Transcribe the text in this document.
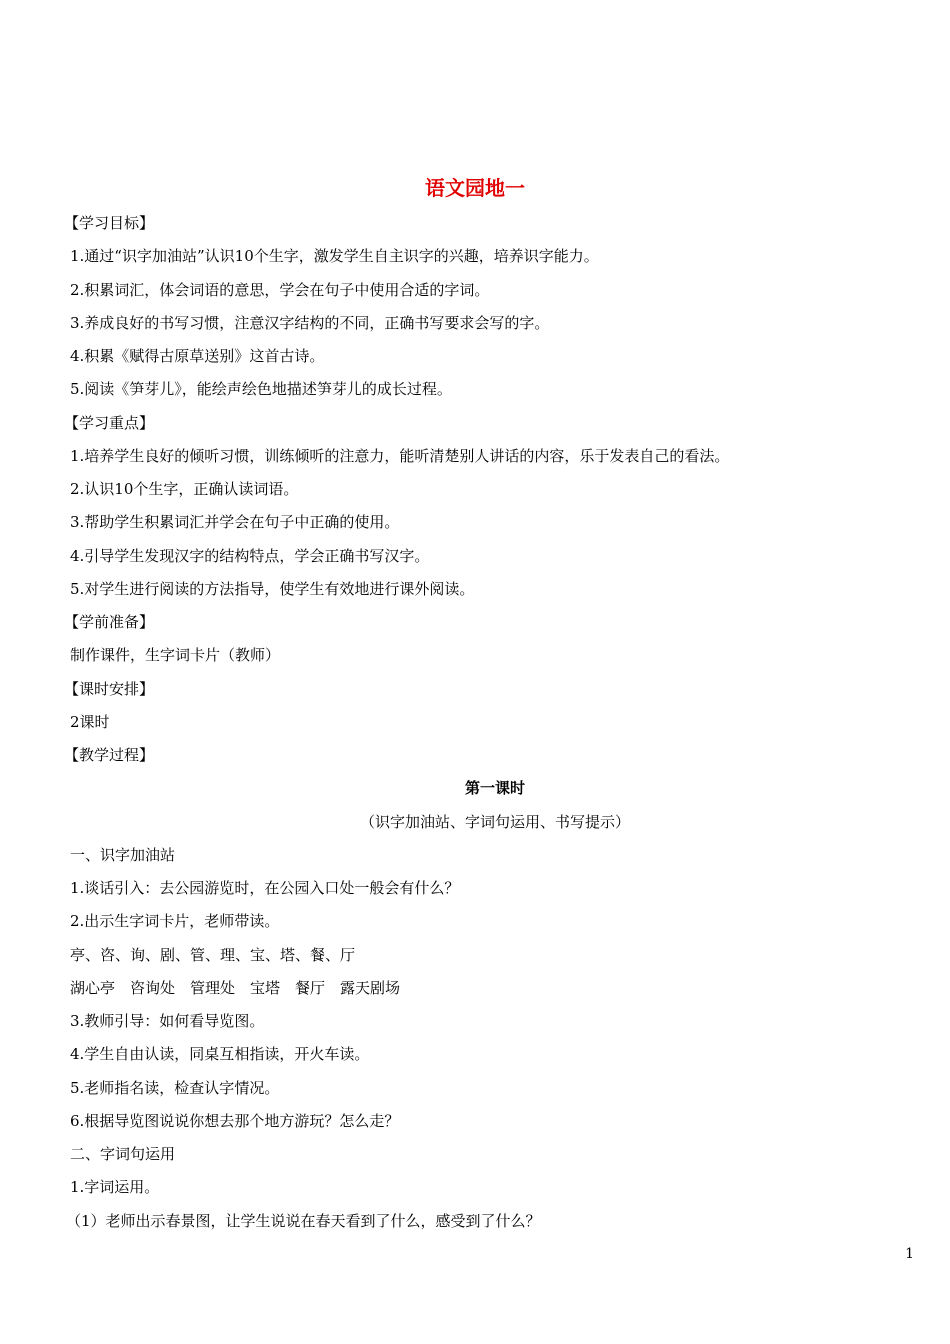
语文园地一
【学习目标】
1.通过“识字加油站”认识10个生字，激发学生自主识字的兴趣，培养识字能力。
2.积累词汇，体会词语的意思，学会在句子中使用合适的字词。
3.养成良好的书写习惯，注意汉字结构的不同，正确书写要求会写的字。
4.积累《赋得古原草送别》这首古诗。
5.阅读《笋芽儿》，能绘声绘色地描述笋芽儿的成长过程。
【学习重点】
1.培养学生良好的倾听习惯，训练倾听的注意力，能听清楚别人讲话的内容，乐于发表自己的看法。
2.认识10个生字，正确认读词语。
3.帮助学生积累词汇并学会在句子中正确的使用。
4.引导学生发现汉字的结构特点，学会正确书写汉字。
5.对学生进行阅读的方法指导，使学生有效地进行课外阅读。
【学前准备】
制作课件，生字词卡片（教师）
【课时安排】
2课时
【教学过程】
第一课时
（识字加油站、字词句运用、书写提示）
一、识字加油站
1.谈话引入：去公园游览时，在公园入口处一般会有什么？
2.出示生字词卡片，老师带读。
亭、咨、询、剧、管、理、宝、塔、餐、厅
湖心亭　咨询处　管理处　宝塔　餐厅　露天剧场
3.教师引导：如何看导览图。
4.学生自由认读，同桌互相指读，开火车读。
5.老师指名读，检查认字情况。
6.根据导览图说说你想去那个地方游玩？怎么走？
二、字词句运用
1.字词运用。
（1）老师出示春景图，让学生说说在春天看到了什么，感受到了什么？
1
